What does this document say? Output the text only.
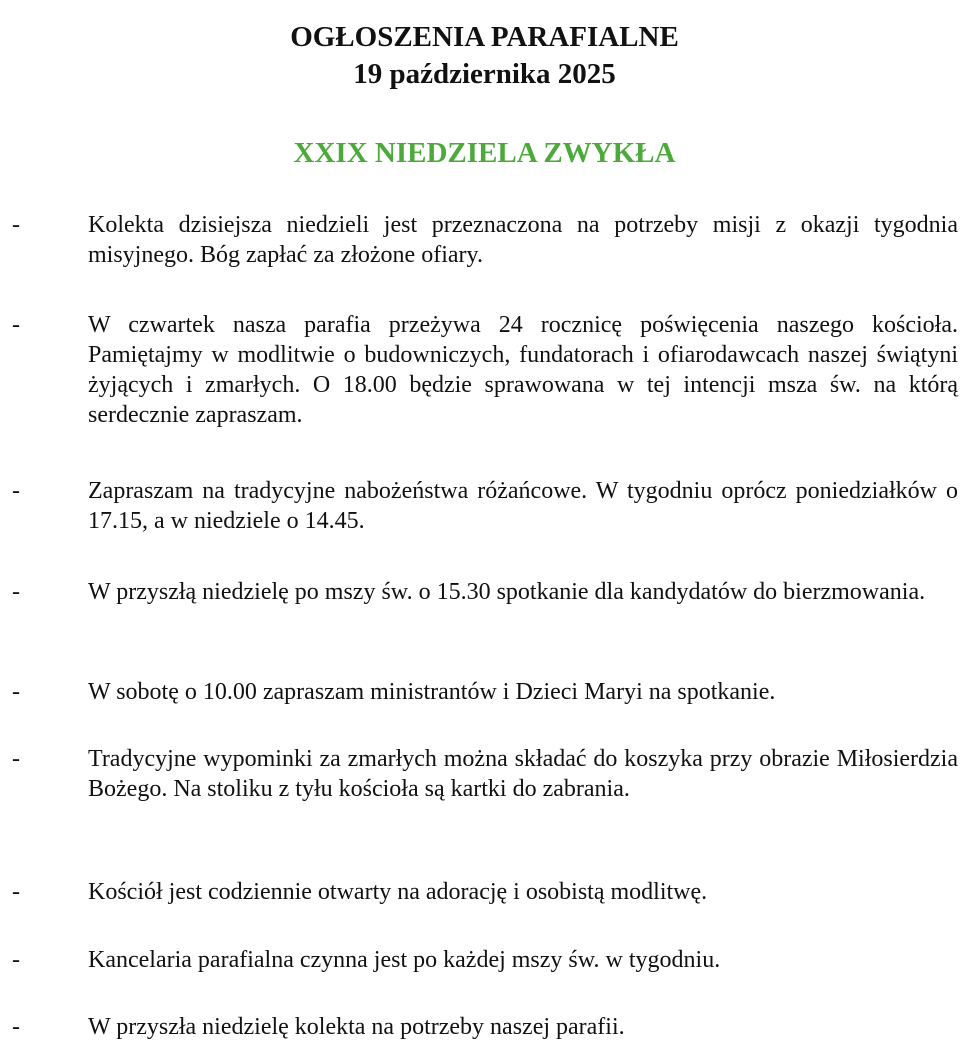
OGŁOSZENIA PARAFIALNE
19 października 2025
XXIX NIEDZIELA ZWYKŁA
-	Kolekta dzisiejsza niedzieli jest przeznaczona na potrzeby misji z okazji tygodnia misyjnego. Bóg zapłać za złożone ofiary.

-	W czwartek nasza parafia przeżywa 24 rocznicę poświęcenia naszego kościoła. Pamiętajmy w modlitwie o budowniczych, fundatorach i ofiarodawcach naszej świątyni żyjących i zmarłych. O 18.00 będzie sprawowana w tej intencji msza św. na którą serdecznie zapraszam.

-	Zapraszam na tradycyjne nabożeństwa różańcowe. W tygodniu oprócz poniedziałków o 17.15, a w niedziele o 14.45.

-	W przyszłą niedzielę po mszy św. o 15.30 spotkanie dla kandydatów do bierzmowania.

-	W sobotę o 10.00 zapraszam ministrantów i Dzieci Maryi na spotkanie.

-	Tradycyjne wypominki za zmarłych można składać do koszyka przy obrazie Miłosierdzia Bożego. Na stoliku z tyłu kościoła są kartki do zabrania.

-	Kościół jest codziennie otwarty na adorację i osobistą modlitwę.

-	Kancelaria parafialna czynna jest po każdej mszy św. w tygodniu.

-	W przyszła niedzielę kolekta na potrzeby naszej parafii.
